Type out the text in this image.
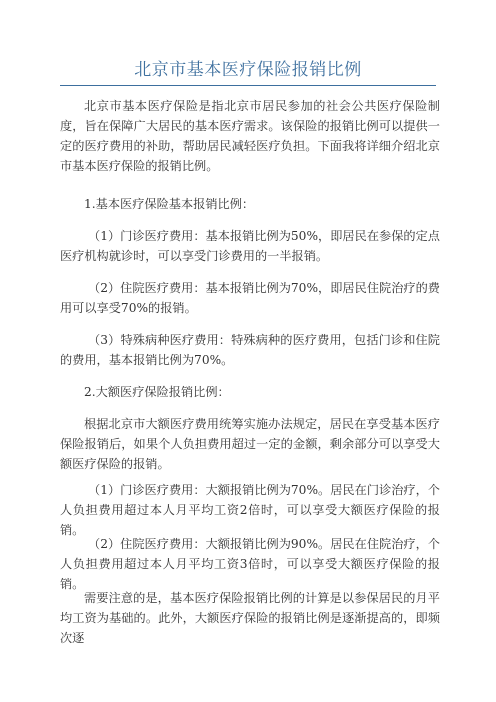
北京市基本医疗保险报销比例
北京市基本医疗保险是指北京市居民参加的社会公共医疗保险制度，旨在保障广大居民的基本医疗需求。该保险的报销比例可以提供一定的医疗费用的补助，帮助居民减轻医疗负担。下面我将详细介绍北京市基本医疗保险的报销比例。
1.基本医疗保险基本报销比例：
（1）门诊医疗费用：基本报销比例为50%，即居民在参保的定点医疗机构就诊时，可以享受门诊费用的一半报销。
（2）住院医疗费用：基本报销比例为70%，即居民住院治疗的费用可以享受70%的报销。
（3）特殊病种医疗费用：特殊病种的医疗费用，包括门诊和住院的费用，基本报销比例为70%。
2.大额医疗保险报销比例：
根据北京市大额医疗费用统筹实施办法规定，居民在享受基本医疗保险报销后，如果个人负担费用超过一定的金额，剩余部分可以享受大额医疗保险的报销。
（1）门诊医疗费用：大额报销比例为70%。居民在门诊治疗，个人负担费用超过本人月平均工资2倍时，可以享受大额医疗保险的报销。
（2）住院医疗费用：大额报销比例为90%。居民在住院治疗，个人负担费用超过本人月平均工资3倍时，可以享受大额医疗保险的报销。
需要注意的是，基本医疗保险报销比例的计算是以参保居民的月平均工资为基础的。此外，大额医疗保险的报销比例是逐渐提高的，即频次逐
